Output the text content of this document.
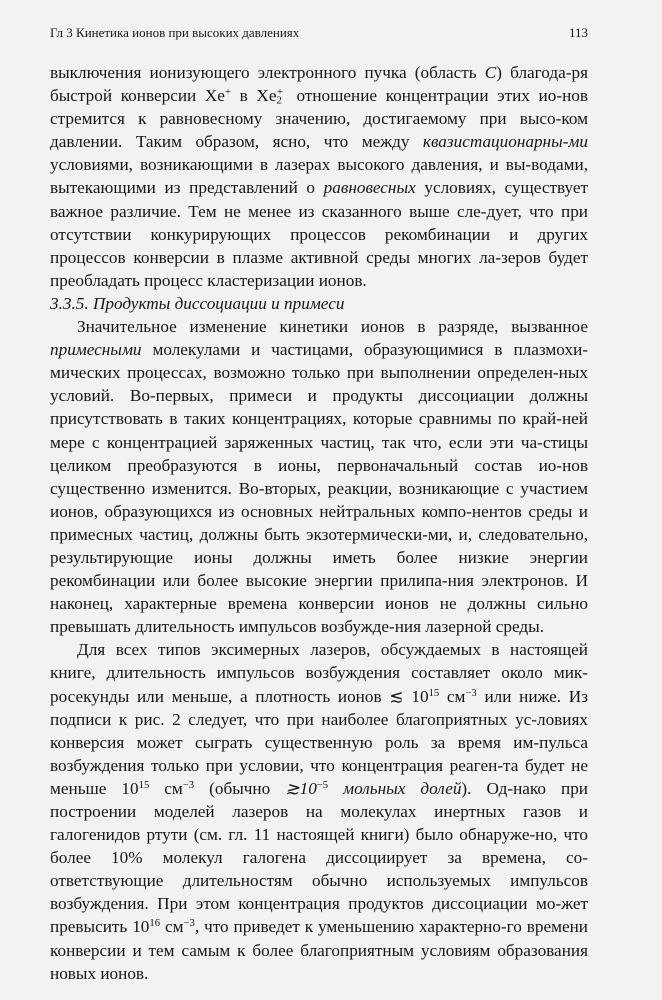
Гл 3 Кинетика ионов при высоких давлениях	113

выключения ионизующего электронного пучка (область С) благода-ря быстрой конверсии Xe+ в $Xe_2^+$ отношение концентрации этих ио-нов стремится к равновесному значению, достигаемому при высо-ком давлении. Таким образом, ясно, что между квазистационарны-ми условиями, возникающими в лазерах высокого давления, и вы-водами, вытекающими из представлений о равновесных условиях, существует важное различие. Тем не менее из сказанного выше сле-дует, что при отсутствии конкурирующих процессов рекомбинации и других процессов конверсии в плазме активной среды многих ла-зеров будет преобладать процесс кластеризации ионов.

3.3.5. Продукты диссоциации и примеси

Значительное изменение кинетики ионов в разряде, вызванное примесными молекулами и частицами, образующимися в плазмохи-мических процессах, возможно только при выполнении определен-ных условий. Во-первых, примеси и продукты диссоциации должны присутствовать в таких концентрациях, которые сравнимы по край-ней мере с концентрацией заряженных частиц, так что, если эти ча-стицы целиком преобразуются в ионы, первоначальный состав ио-нов существенно изменится. Во-вторых, реакции, возникающие с участием ионов, образующихся из основных нейтральных компо-нентов среды и примесных частиц, должны быть экзотермически-ми, и, следовательно, результирующие ионы должны иметь более низкие энергии рекомбинации или более высокие энергии прилипа-ния электронов. И наконец, характерные времена конверсии ионов не должны сильно превышать длительность импульсов возбужде-ния лазерной среды.

Для всех типов эксимерных лазеров, обсуждаемых в настоящей книге, длительность импульсов возбуждения составляет около мик-росекунды или меньше, а плотность ионов ≲ $10^{15}$ $см^{-3}$ или ниже. Из подписи к рис. 2 следует, что при наиболее благоприятных ус-ловиях конверсия может сыграть существенную роль за время им-пульса возбуждения только при условии, что концентрация реаген-та будет не меньше $10^{15}$ $см^{-3}$ (обычно $≳10^{-5}$ мольных долей). Од-нако при построении моделей лазеров на молекулах инертных газов и галогенидов ртути (см. гл. 11 настоящей книги) было обнаруже-но, что более 10% молекул галогена диссоциирует за времена, со-ответствующие длительностям обычно используемых импульсов возбуждения. При этом концентрация продуктов диссоциации мо-жет превысить $10^{16}$ $см^{-3}$, что приведет к уменьшению характерно-го времени конверсии и тем самым к более благоприятным условиям образования новых ионов.
